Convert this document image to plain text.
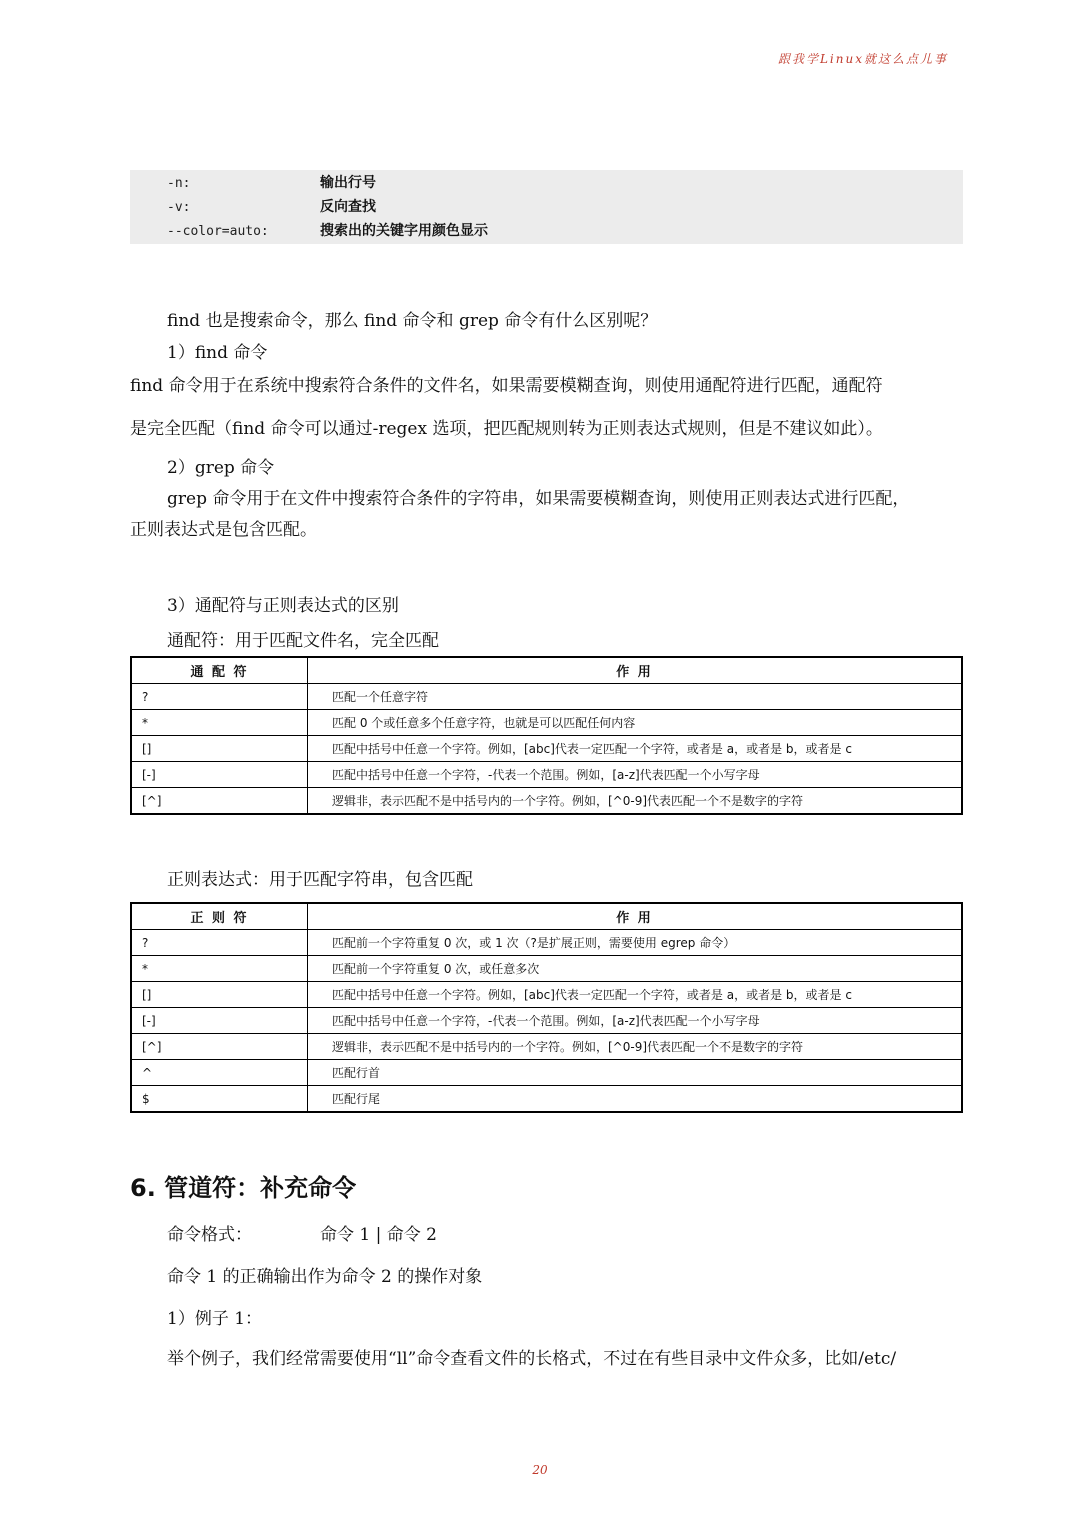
跟我学Linux就这么点儿事
-n:	输出行号
-v:	反向查找
--color=auto:	搜索出的关键字用颜色显示
find 也是搜索命令，那么 find 命令和 grep 命令有什么区别呢？
1）find 命令
find 命令用于在系统中搜索符合条件的文件名，如果需要模糊查询，则使用通配符进行匹配，通配符
是完全匹配（find 命令可以通过-regex 选项，把匹配规则转为正则表达式规则，但是不建议如此）。
2）grep 命令
grep 命令用于在文件中搜索符合条件的字符串，如果需要模糊查询，则使用正则表达式进行匹配，
正则表达式是包含匹配。
3）通配符与正则表达式的区别
通配符：用于匹配文件名，完全匹配
通 配 符	作 用
?	匹配一个任意字符
*	匹配 0 个或任意多个任意字符，也就是可以匹配任何内容
[]	匹配中括号中任意一个字符。例如，[abc]代表一定匹配一个字符，或者是 a，或者是 b，或者是 c
[-]	匹配中括号中任意一个字符，-代表一个范围。例如，[a-z]代表匹配一个小写字母
[^]	逻辑非，表示匹配不是中括号内的一个字符。例如，[^0-9]代表匹配一个不是数字的字符
正则表达式：用于匹配字符串，包含匹配
正 则 符	作 用
?	匹配前一个字符重复 0 次，或 1 次（?是扩展正则，需要使用 egrep 命令）
*	匹配前一个字符重复 0 次，或任意多次
[]	匹配中括号中任意一个字符。例如，[abc]代表一定匹配一个字符，或者是 a，或者是 b，或者是 c
[-]	匹配中括号中任意一个字符，-代表一个范围。例如，[a-z]代表匹配一个小写字母
[^]	逻辑非，表示匹配不是中括号内的一个字符。例如，[^0-9]代表匹配一个不是数字的字符
^	匹配行首
$	匹配行尾
6. 管道符：补充命令
命令格式：	命令 1 | 命令 2
命令 1 的正确输出作为命令 2 的操作对象
1）例子 1：
举个例子，我们经常需要使用“ll”命令查看文件的长格式，不过在有些目录中文件众多，比如/etc/
20
